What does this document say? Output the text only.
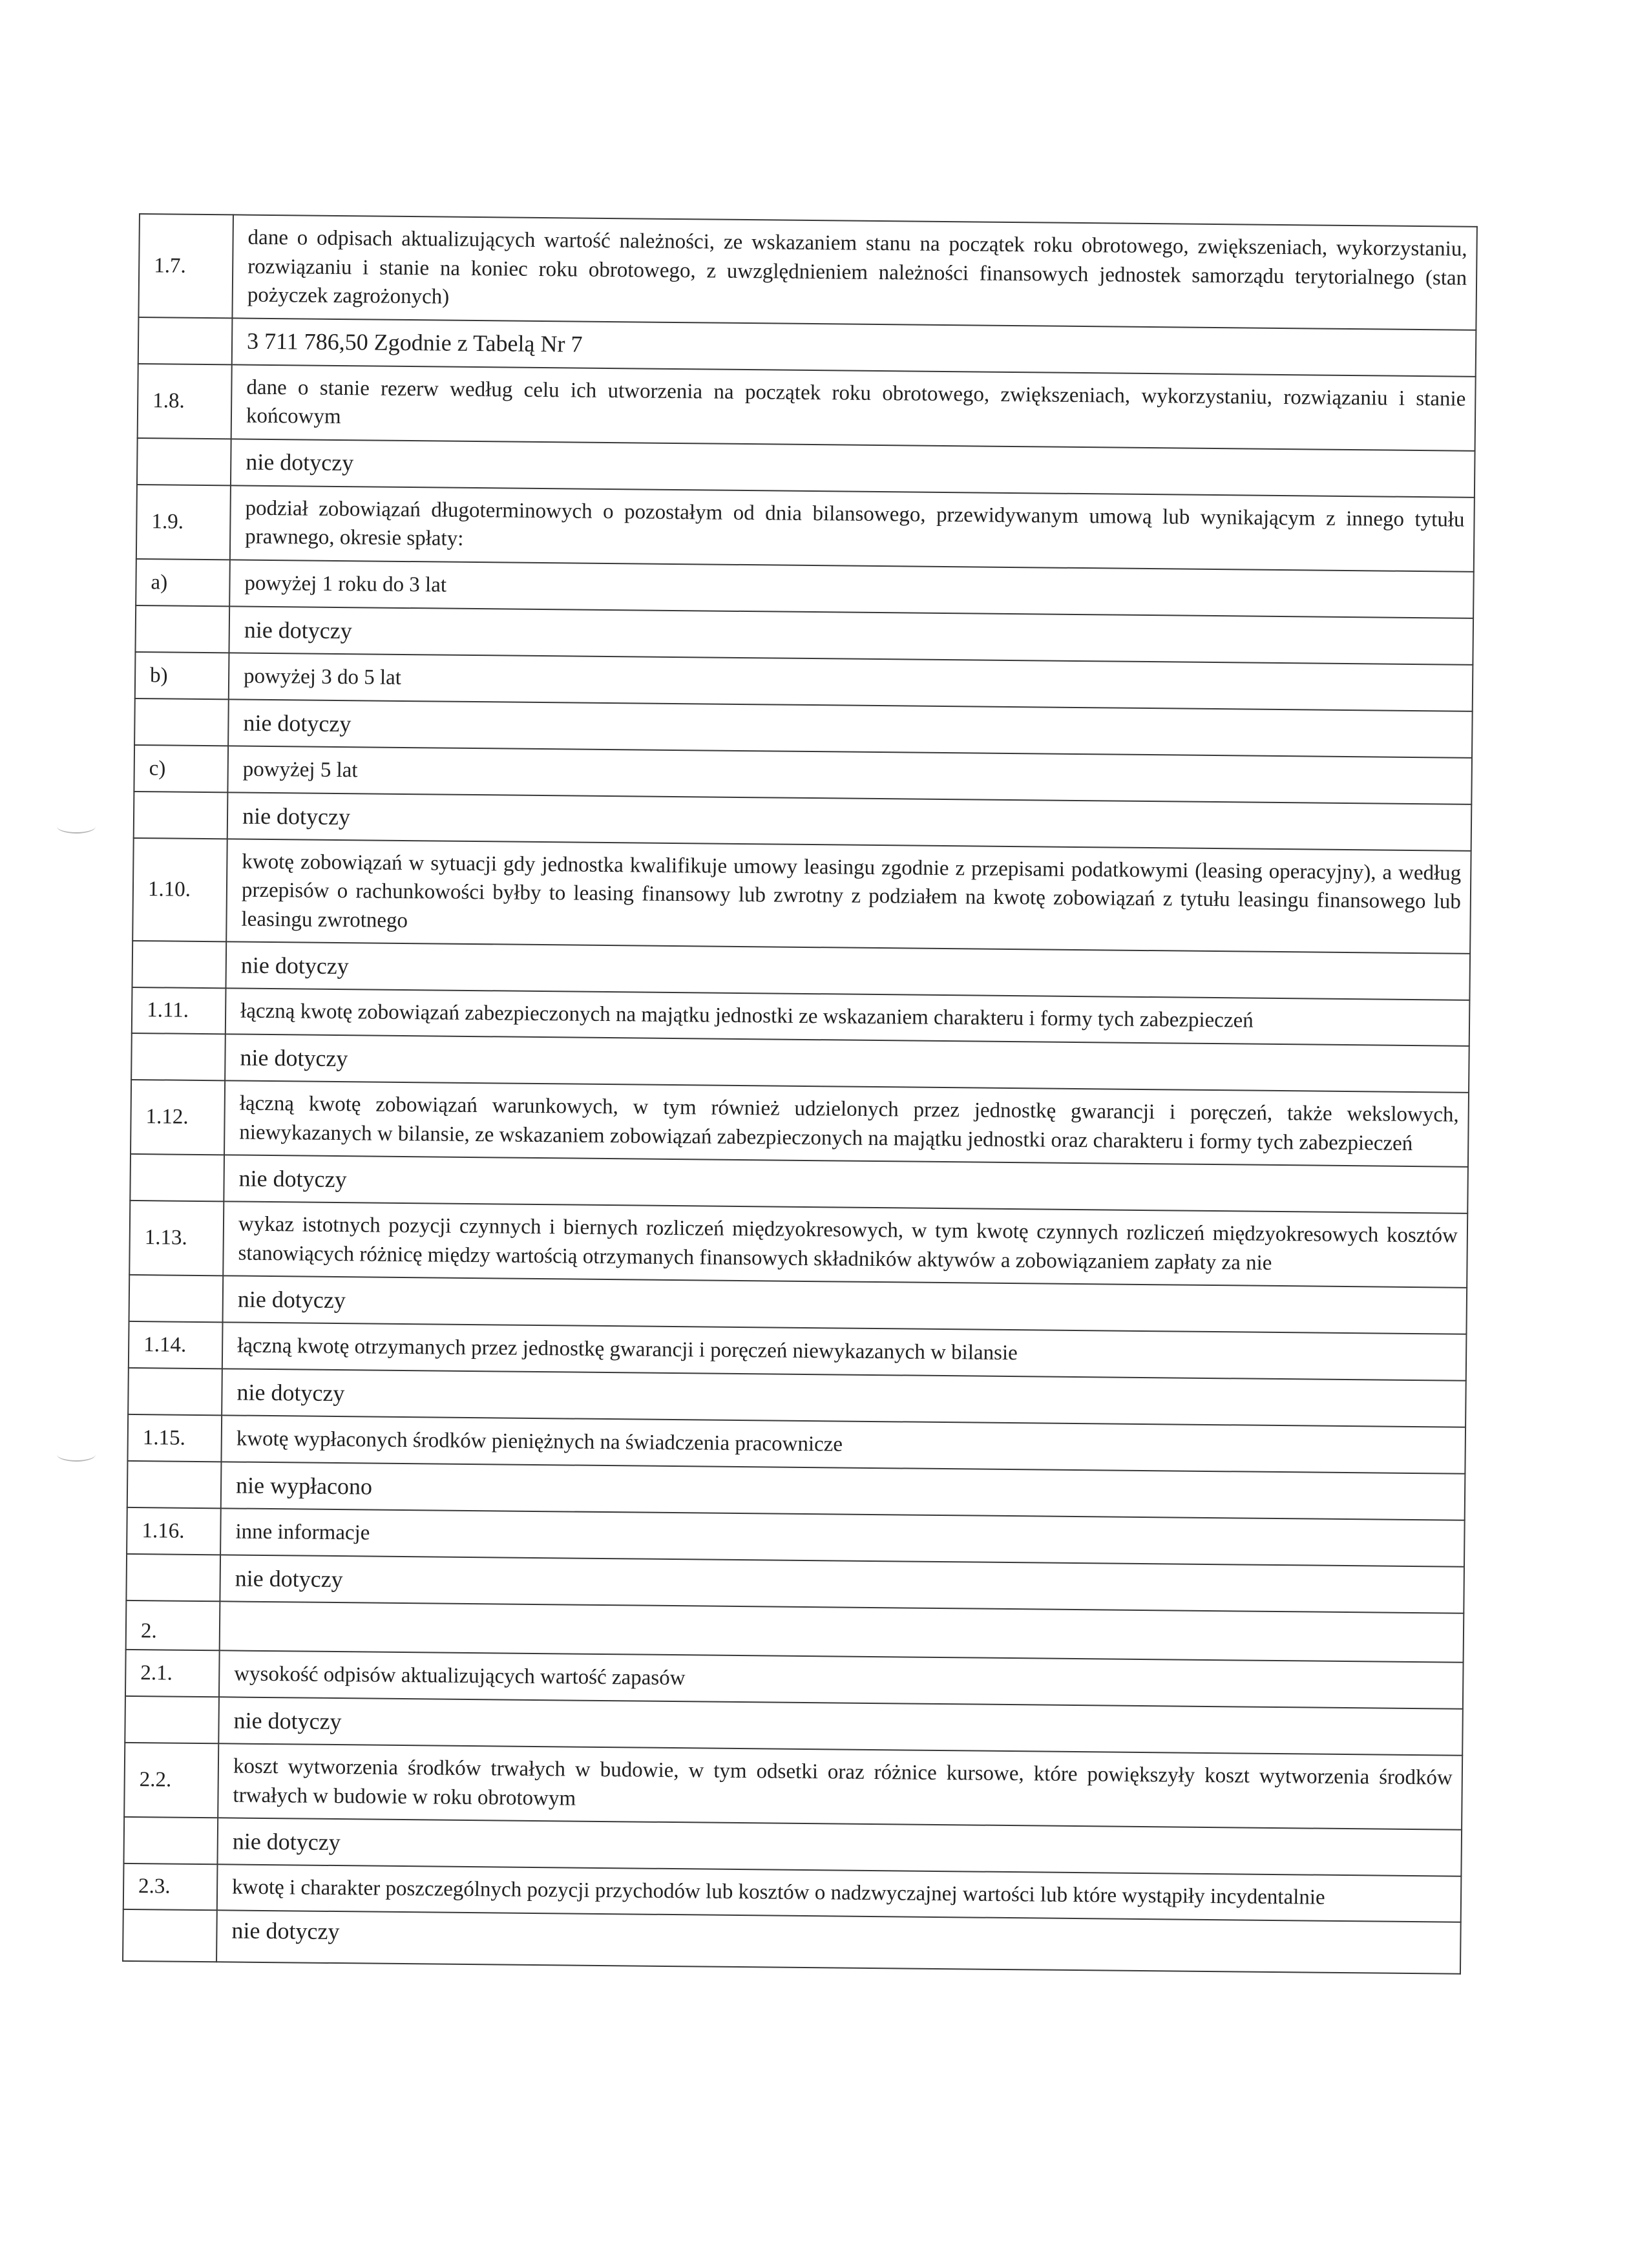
1.7.	dane o odpisach aktualizujących wartość należności, ze wskazaniem stanu na początek roku obrotowego, zwiększeniach, wykorzystaniu, rozwiązaniu i stanie na koniec roku obrotowego, z uwzględnieniem należności finansowych jednostek samorządu terytorialnego (stan pożyczek zagrożonych)
	3 711 786,50 Zgodnie z Tabelą Nr 7
1.8.	dane o stanie rezerw według celu ich utworzenia na początek roku obrotowego, zwiększeniach, wykorzystaniu, rozwiązaniu i stanie końcowym
	nie dotyczy
1.9.	podział zobowiązań długoterminowych o pozostałym od dnia bilansowego, przewidywanym umową lub wynikającym z innego tytułu prawnego, okresie spłaty:
a)	powyżej 1 roku do 3 lat
	nie dotyczy
b)	powyżej 3 do 5 lat
	nie dotyczy
c)	powyżej 5 lat
	nie dotyczy
1.10.	kwotę zobowiązań w sytuacji gdy jednostka kwalifikuje umowy leasingu zgodnie z przepisami podatkowymi (leasing operacyjny), a według przepisów o rachunkowości byłby to leasing finansowy lub zwrotny z podziałem na kwotę zobowiązań z tytułu leasingu finansowego lub leasingu zwrotnego
	nie dotyczy
1.11.	łączną kwotę zobowiązań zabezpieczonych na majątku jednostki ze wskazaniem charakteru i formy tych zabezpieczeń
	nie dotyczy
1.12.	łączną kwotę zobowiązań warunkowych, w tym również udzielonych przez jednostkę gwarancji i poręczeń, także wekslowych, niewykazanych w bilansie, ze wskazaniem zobowiązań zabezpieczonych na majątku jednostki oraz charakteru i formy tych zabezpieczeń
	nie dotyczy
1.13.	wykaz istotnych pozycji czynnych i biernych rozliczeń międzyokresowych, w tym kwotę czynnych rozliczeń międzyokresowych kosztów stanowiących różnicę między wartością otrzymanych finansowych składników aktywów a zobowiązaniem zapłaty za nie
	nie dotyczy
1.14.	łączną kwotę otrzymanych przez jednostkę gwarancji i poręczeń niewykazanych w bilansie
	nie dotyczy
1.15.	kwotę wypłaconych środków pieniężnych na świadczenia pracownicze
	nie wypłacono
1.16.	inne informacje
	nie dotyczy
2.	
2.1.	wysokość odpisów aktualizujących wartość zapasów
	nie dotyczy
2.2.	koszt wytworzenia środków trwałych w budowie, w tym odsetki oraz różnice kursowe, które powiększyły koszt wytworzenia środków trwałych w budowie w roku obrotowym
	nie dotyczy
2.3.	kwotę i charakter poszczególnych pozycji przychodów lub kosztów o nadzwyczajnej wartości lub które wystąpiły incydentalnie
	nie dotyczy
